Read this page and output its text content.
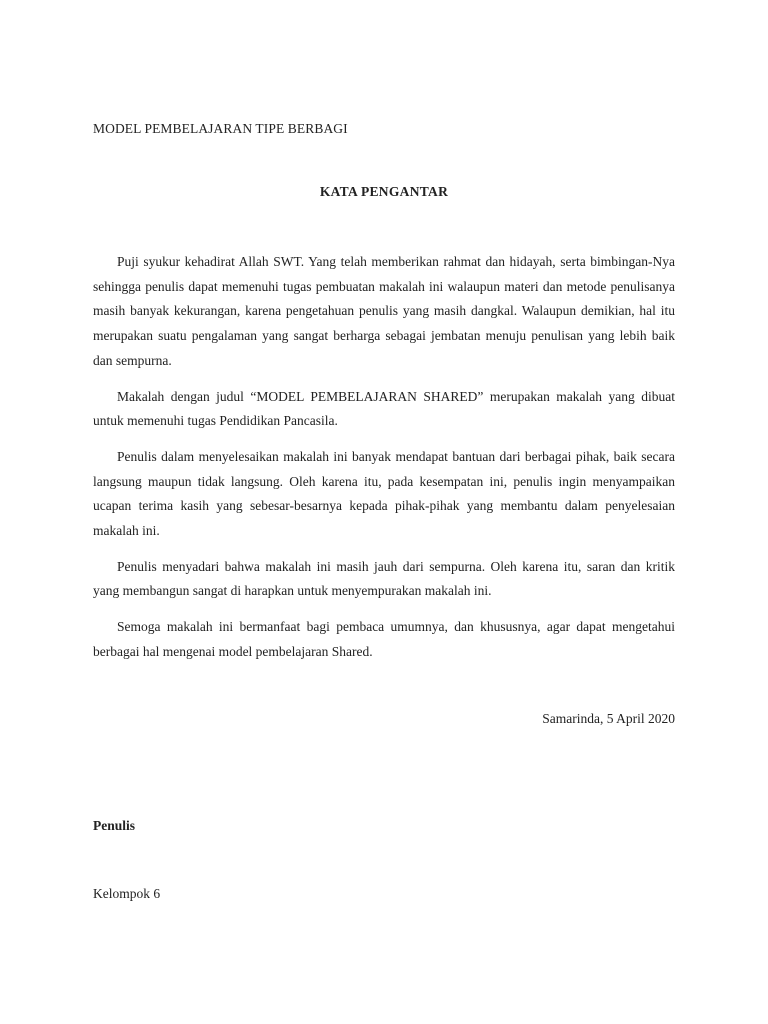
MODEL PEMBELAJARAN TIPE BERBAGI

KATA PENGANTAR

Puji syukur kehadirat Allah SWT. Yang telah memberikan rahmat dan hidayah, serta bimbingan-Nya sehingga penulis dapat memenuhi tugas pembuatan makalah ini walaupun materi dan metode penulisanya masih banyak kekurangan, karena pengetahuan penulis yang masih dangkal. Walaupun demikian, hal itu merupakan suatu pengalaman yang sangat berharga sebagai jembatan menuju penulisan yang lebih baik dan sempurna.

Makalah dengan judul “MODEL PEMBELAJARAN SHARED” merupakan makalah yang dibuat untuk memenuhi tugas Pendidikan Pancasila.

Penulis dalam menyelesaikan makalah ini banyak mendapat bantuan dari berbagai pihak, baik secara langsung maupun tidak langsung. Oleh karena itu, pada kesempatan ini, penulis ingin menyampaikan ucapan terima kasih yang sebesar-besarnya kepada pihak-pihak yang membantu dalam penyelesaian makalah ini.

Penulis menyadari bahwa makalah ini masih jauh dari sempurna. Oleh karena itu, saran dan kritik yang membangun sangat di harapkan untuk menyempurakan makalah ini.

Semoga makalah ini bermanfaat bagi pembaca umumnya, dan khususnya, agar dapat mengetahui berbagai hal mengenai model pembelajaran Shared.

Samarinda, 5 April 2020

Penulis

Kelompok 6
